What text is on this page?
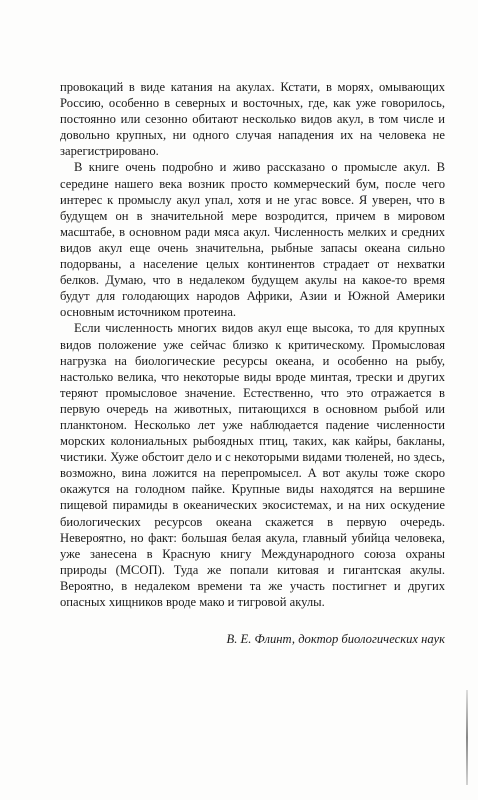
провокаций в виде катания на акулах. Кстати, в морях, омывающих Россию, особенно в северных и восточных, где, как уже говорилось, постоянно или сезонно обитают несколько видов акул, в том числе и довольно крупных, ни одного случая нападения их на человека не зарегистрировано.

В книге очень подробно и живо рассказано о промысле акул. В середине нашего века возник просто коммерческий бум, после чего интерес к промыслу акул упал, хотя и не угас вовсе. Я уверен, что в будущем он в значительной мере возродится, причем в мировом масштабе, в основном ради мяса акул. Численность мелких и средних видов акул еще очень значительна, рыбные запасы океана сильно подорваны, а население целых континентов страдает от нехватки белков. Думаю, что в недалеком будущем акулы на какое-то время будут для голодающих народов Африки, Азии и Южной Америки основным источником протеина.

Если численность многих видов акул еще высока, то для крупных видов положение уже сейчас близко к критическому. Промысловая нагрузка на биологические ресурсы океана, и особенно на рыбу, настолько велика, что некоторые виды вроде минтая, трески и других теряют промысловое значение. Естественно, что это отражается в первую очередь на животных, питающихся в основном рыбой или планктоном. Несколько лет уже наблюдается падение численности морских колониальных рыбоядных птиц, таких, как кайры, бакланы, чистики. Хуже обстоит дело и с некоторыми видами тюленей, но здесь, возможно, вина ложится на перепромысел. А вот акулы тоже скоро окажутся на голодном пайке. Крупные виды находятся на вершине пищевой пирамиды в океанических экосистемах, и на них оскудение биологических ресурсов океана скажется в первую очередь. Невероятно, но факт: большая белая акула, главный убийца человека, уже занесена в Красную книгу Международного союза охраны природы (МСОП). Туда же попали китовая и гигантская акулы. Вероятно, в недалеком времени та же участь постигнет и других опасных хищников вроде мако и тигровой акулы.

В. Е. Флинт, доктор биологических наук
